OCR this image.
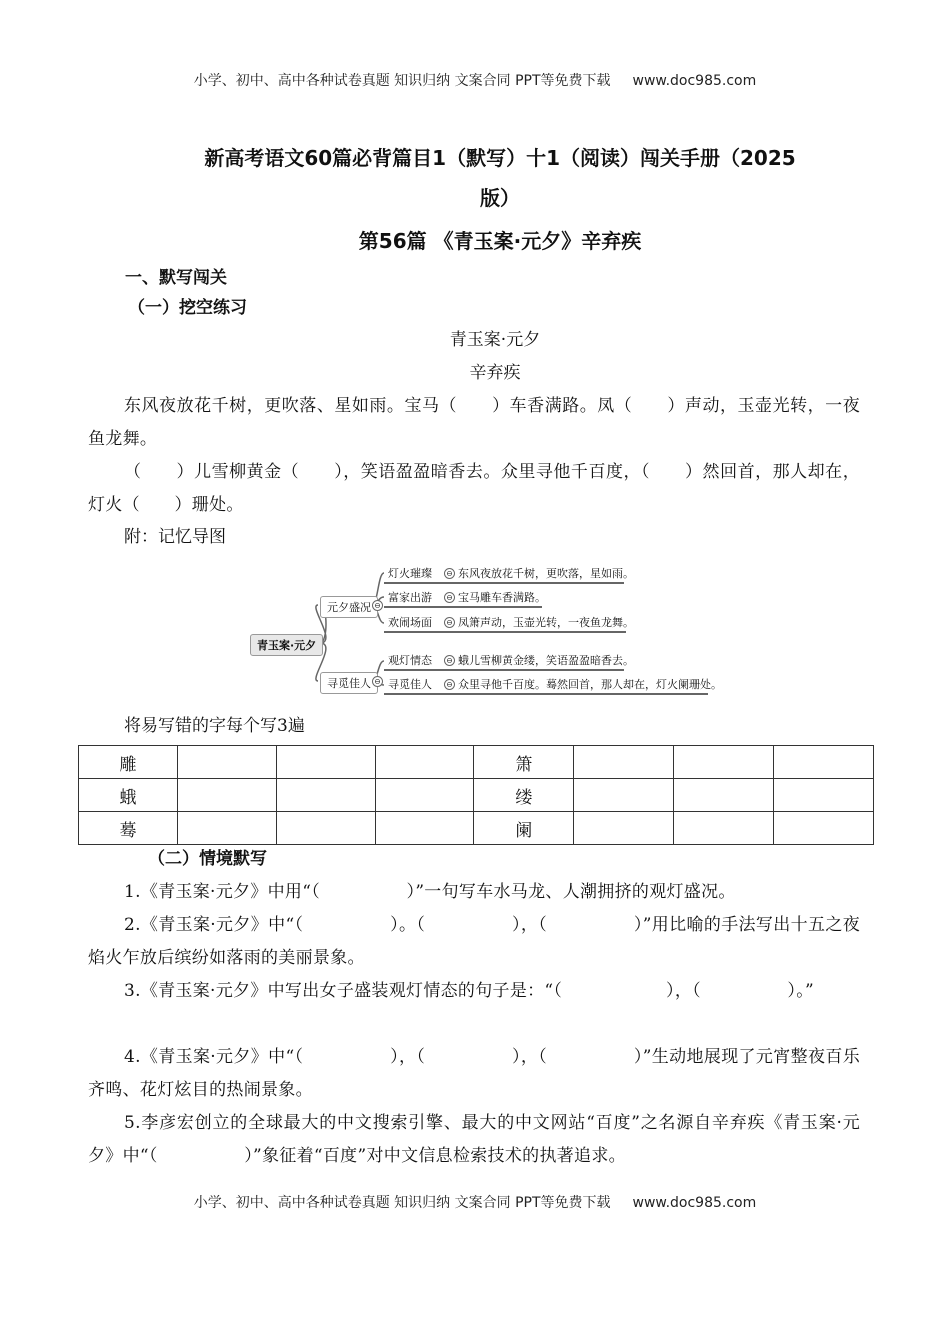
小学、初中、高中各种试卷真题 知识归纳 文案合同 PPT等免费下载 www.doc985.com
新高考语文60篇必背篇目1（默写）十1（阅读）闯关手册（2025
版）
第56篇 《青玉案·元夕》辛弃疾
一、默写闯关
（一）挖空练习
青玉案·元夕
辛弃疾
东风夜放花千树，更吹落、星如雨。宝马（　　）车香满路。凤（　　）声动，玉壶光转，一夜鱼龙舞。
（　　）儿雪柳黄金（　　），笑语盈盈暗香去。众里寻他千百度，（　　）然回首，那人却在，灯火（　　）珊处。
附：记忆导图
青玉案·元夕
元夕盛况 ⊖
寻觅佳人 ⊖
灯火璀璨 ⊖ 东风夜放花千树，更吹落，星如雨。
富家出游 ⊖ 宝马雕车香满路。
欢闹场面 ⊖ 凤箫声动，玉壶光转，一夜鱼龙舞。
观灯情态 ⊖ 蛾儿雪柳黄金缕，笑语盈盈暗香去。
寻觅佳人 ⊖ 众里寻他千百度。蓦然回首，那人却在，灯火阑珊处。
将易写错的字每个写3遍
雕				箫			
蛾				缕			
蓦				阑			
（二）情境默写
1.《青玉案·元夕》中用“（　　　　　）”一句写车水马龙、人潮拥挤的观灯盛况。
2.《青玉案·元夕》中“（　　　　　）。（　　　　　），（　　　　　）”用比喻的手法写出十五之夜焰火乍放后缤纷如落雨的美丽景象。
3.《青玉案·元夕》中写出女子盛装观灯情态的句子是：“（　　　　　　），（　　　　　）。”
4.《青玉案·元夕》中“（　　　　　），（　　　　　），（　　　　　）”生动地展现了元宵整夜百乐齐鸣、花灯炫目的热闹景象。
5.李彦宏创立的全球最大的中文搜索引擎、最大的中文网站“百度”之名源自辛弃疾《青玉案·元夕》中“（　　　　　）”象征着“百度”对中文信息检索技术的执著追求。
小学、初中、高中各种试卷真题 知识归纳 文案合同 PPT等免费下载 www.doc985.com
